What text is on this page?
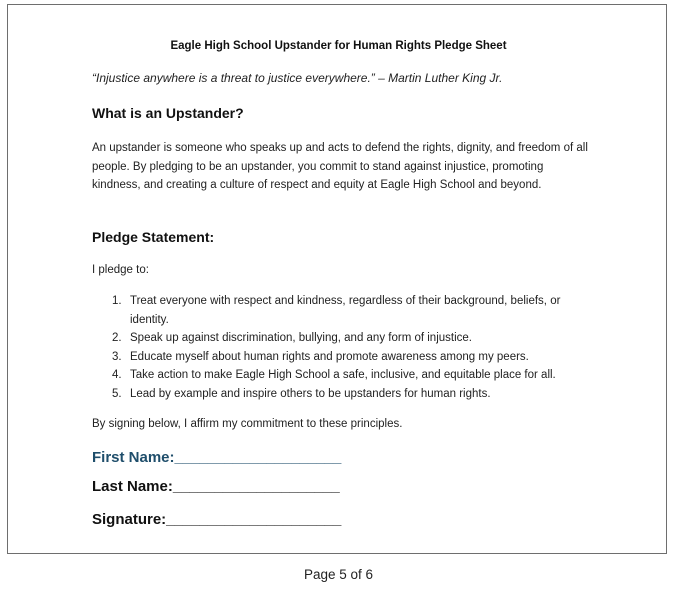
Eagle High School Upstander for Human Rights Pledge Sheet
“Injustice anywhere is a threat to justice everywhere.” – Martin Luther King Jr.
What is an Upstander?
An upstander is someone who speaks up and acts to defend the rights, dignity, and freedom of all people. By pledging to be an upstander, you commit to stand against injustice, promoting kindness, and creating a culture of respect and equity at Eagle High School and beyond.
Pledge Statement:
I pledge to:
1. Treat everyone with respect and kindness, regardless of their background, beliefs, or identity.
2. Speak up against discrimination, bullying, and any form of injustice.
3. Educate myself about human rights and promote awareness among my peers.
4. Take action to make Eagle High School a safe, inclusive, and equitable place for all.
5. Lead by example and inspire others to be upstanders for human rights.
By signing below, I affirm my commitment to these principles.
First Name:____________________
Last Name:____________________
Signature:_____________________
Page 5 of 6
